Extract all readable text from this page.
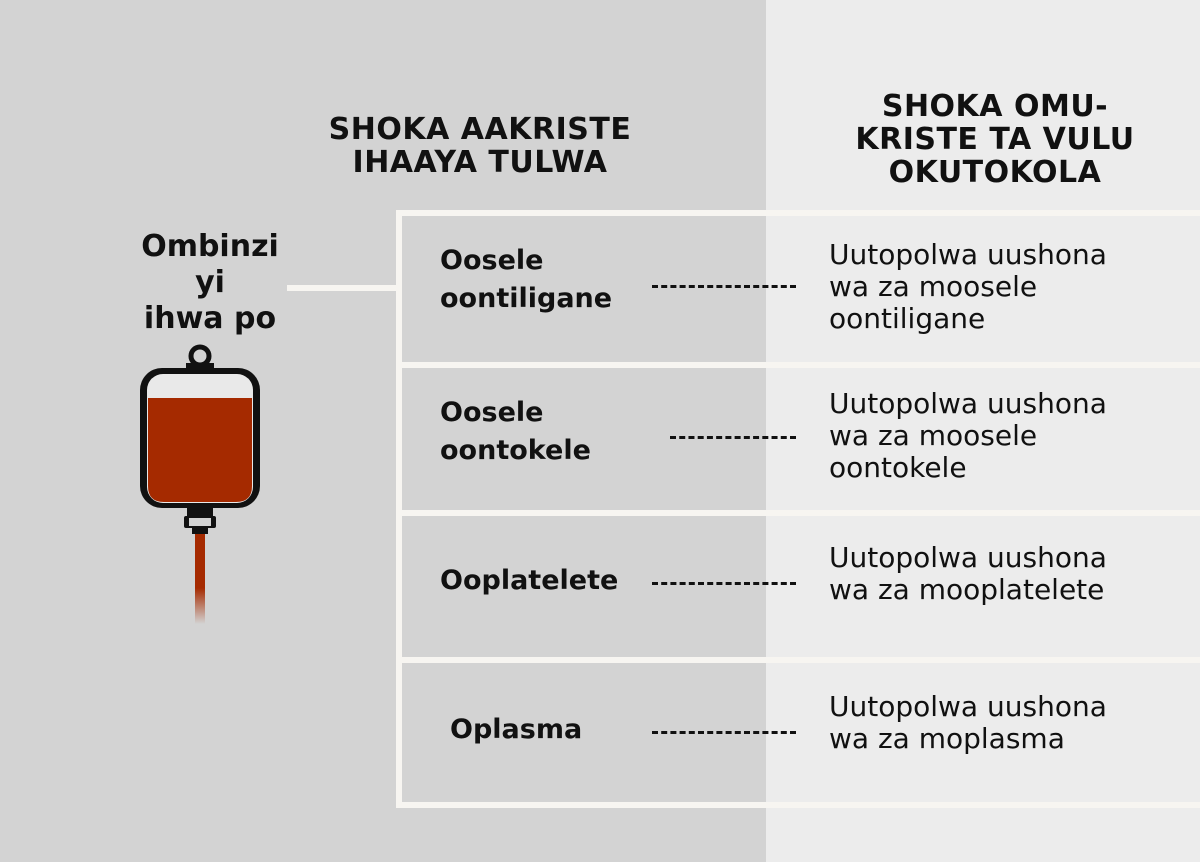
SHOKA AAKRISTE
IHAAYA TULWA
SHOKA OMU-
KRISTE TA VULU
OKUTOKOLA
Ombinzi
yi
ihwa po
Oosele
oontiligane
Uutopolwa uushona
wa za moosele
oontiligane
Oosele
oontokele
Uutopolwa uushona
wa za moosele
oontokele
Ooplatelete
Uutopolwa uushona
wa za mooplatelete
Oplasma
Uutopolwa uushona
wa za moplasma
